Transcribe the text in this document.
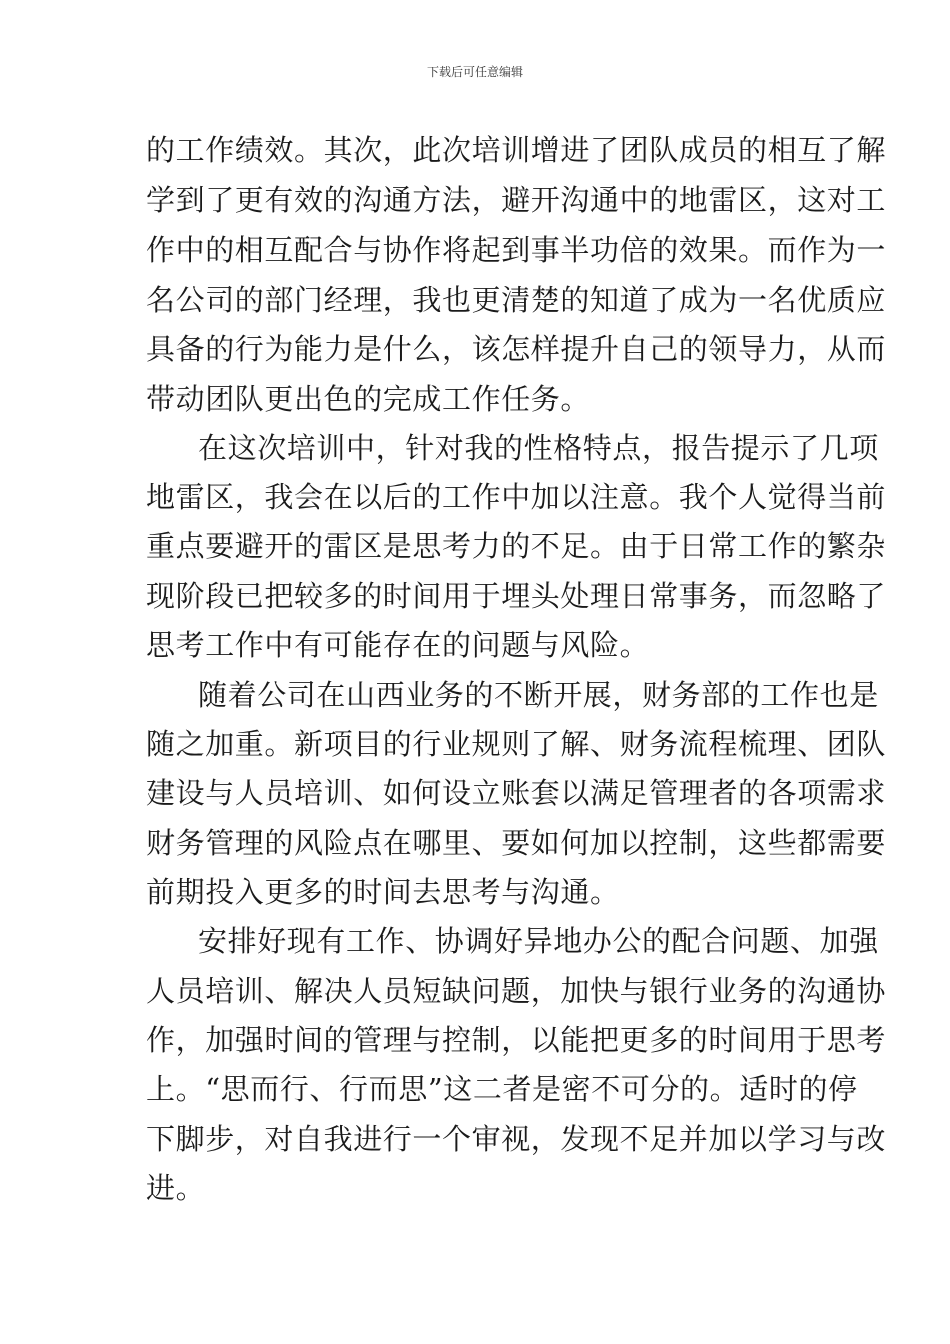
下载后可任意编辑
的工作绩效。其次，此次培训增进了团队成员的相互了解
学到了更有效的沟通方法，避开沟通中的地雷区，这对工
作中的相互配合与协作将起到事半功倍的效果。而作为一
名公司的部门经理，我也更清楚的知道了成为一名优质应
具备的行为能力是什么，该怎样提升自己的领导力，从而
带动团队更出色的完成工作任务。
在这次培训中，针对我的性格特点，报告提示了几项
地雷区，我会在以后的工作中加以注意。我个人觉得当前
重点要避开的雷区是思考力的不足。由于日常工作的繁杂
现阶段已把较多的时间用于埋头处理日常事务，而忽略了
思考工作中有可能存在的问题与风险。
随着公司在山西业务的不断开展，财务部的工作也是
随之加重。新项目的行业规则了解、财务流程梳理、团队
建设与人员培训、如何设立账套以满足管理者的各项需求
财务管理的风险点在哪里、要如何加以控制，这些都需要
前期投入更多的时间去思考与沟通。
安排好现有工作、协调好异地办公的配合问题、加强
人员培训、解决人员短缺问题，加快与银行业务的沟通协
作，加强时间的管理与控制，以能把更多的时间用于思考
上。“思而行、行而思”这二者是密不可分的。适时的停
下脚步，对自我进行一个审视，发现不足并加以学习与改
进。
